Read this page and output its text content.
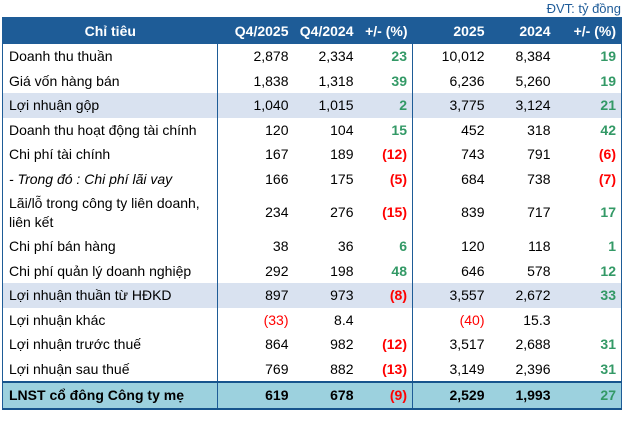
ĐVT: tỷ đồng
Chỉ tiêu	Q4/2025	Q4/2024	+/- (%)	2025	2024	+/- (%)
Doanh thu thuần	2,878	2,334	23	10,012	8,384	19
Giá vốn hàng bán	1,838	1,318	39	6,236	5,260	19
Lợi nhuận gộp	1,040	1,015	2	3,775	3,124	21
Doanh thu hoạt động tài chính	120	104	15	452	318	42
Chi phí tài chính	167	189	(12)	743	791	(6)
- Trong đó : Chi phí lãi vay	166	175	(5)	684	738	(7)
Lãi/lỗ trong công ty liên doanh, liên kết	234	276	(15)	839	717	17
Chi phí bán hàng	38	36	6	120	118	1
Chi phí quản lý doanh nghiệp	292	198	48	646	578	12
Lợi nhuận thuần từ HĐKD	897	973	(8)	3,557	2,672	33
Lợi nhuận khác	(33)	8.4		(40)	15.3	
Lợi nhuận trước thuế	864	982	(12)	3,517	2,688	31
Lợi nhuận sau thuế	769	882	(13)	3,149	2,396	31
LNST cổ đông Công ty mẹ	619	678	(9)	2,529	1,993	27
